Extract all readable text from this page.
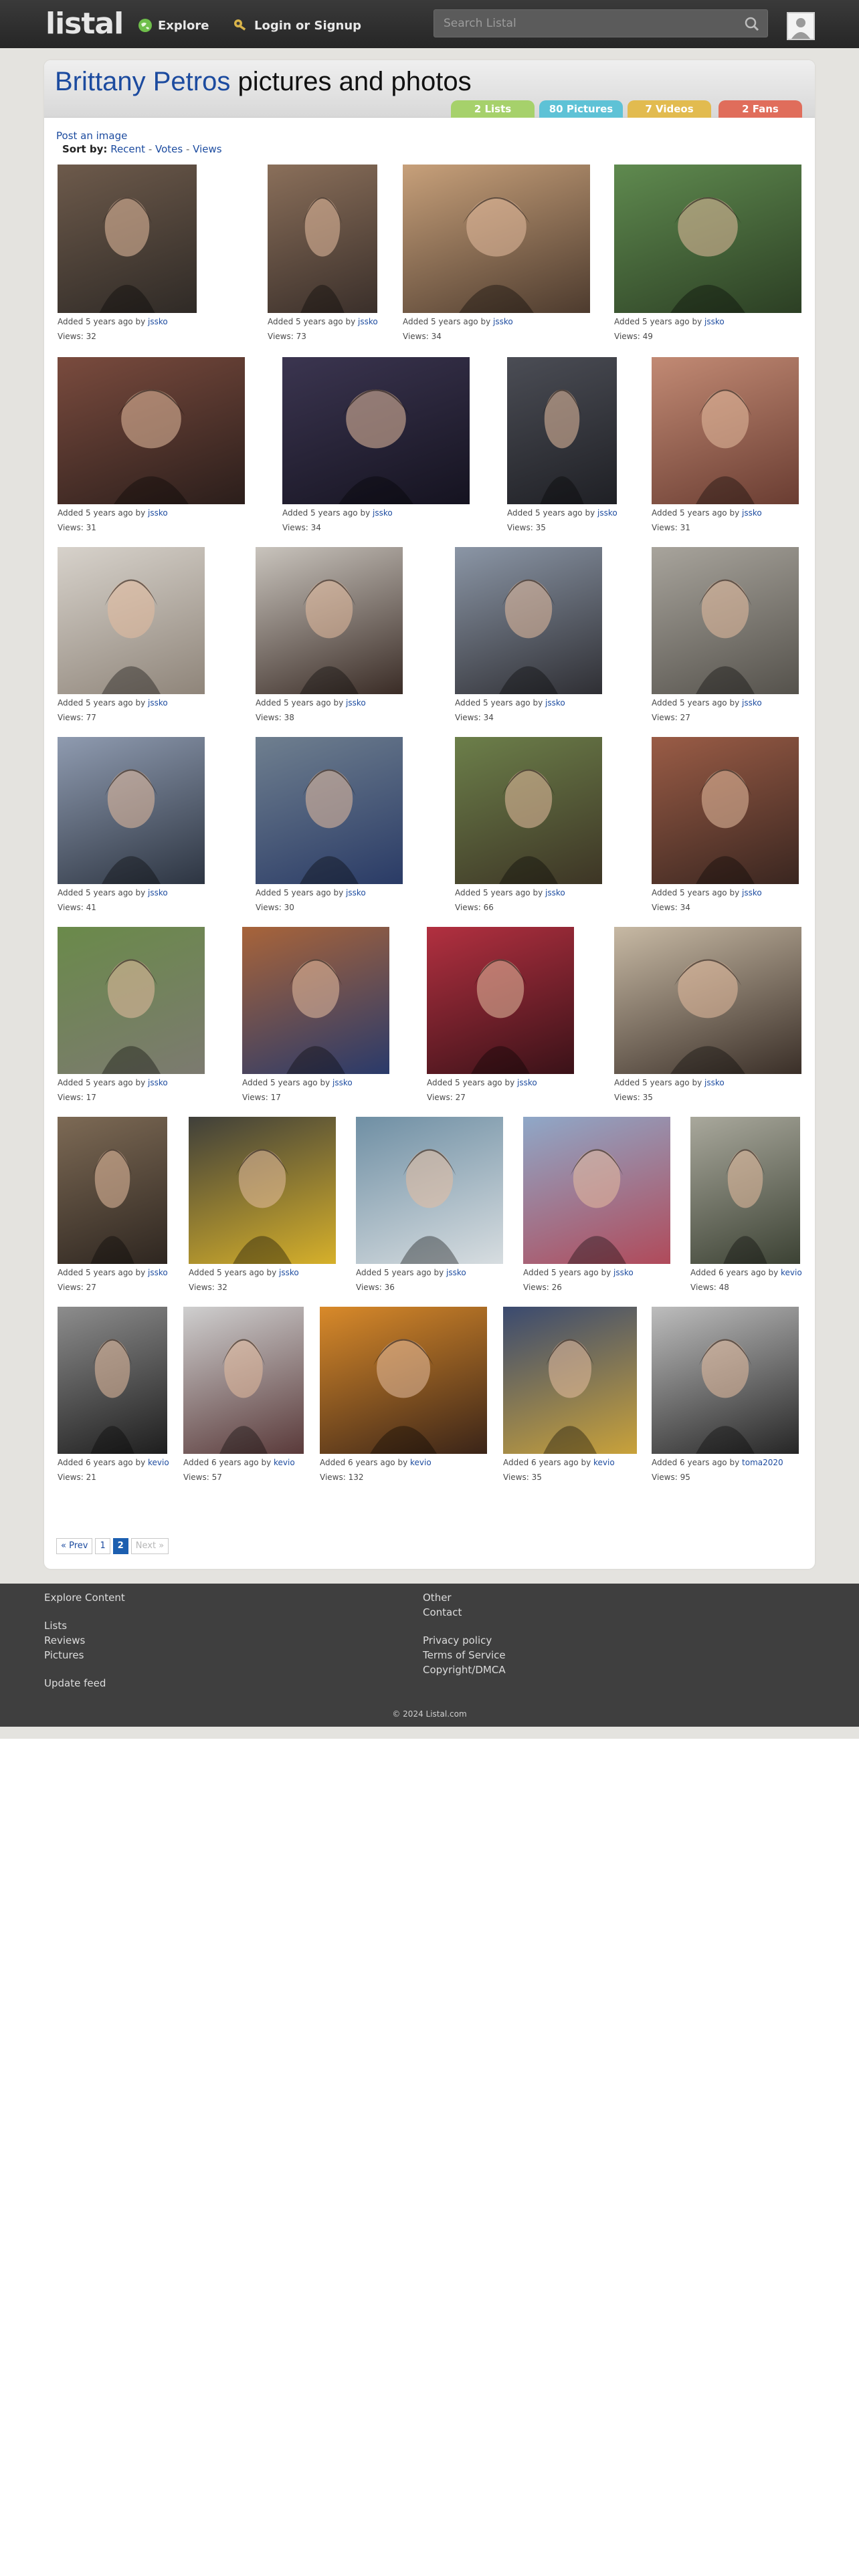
listal	Explore	Login or Signup
Search Listal
Brittany Petros pictures and photos
2 Lists	80 Pictures	7 Videos	2 Fans
Post an image
Sort by: Recent - Votes - Views
Added 5 years ago by jssko
Views: 32
Added 5 years ago by jssko
Views: 73
Added 5 years ago by jssko
Views: 34
Added 5 years ago by jssko
Views: 49
Added 5 years ago by jssko
Views: 31
Added 5 years ago by jssko
Views: 34
Added 5 years ago by jssko
Views: 35
Added 5 years ago by jssko
Views: 31
Added 5 years ago by jssko
Views: 77
Added 5 years ago by jssko
Views: 38
Added 5 years ago by jssko
Views: 34
Added 5 years ago by jssko
Views: 27
Added 5 years ago by jssko
Views: 41
Added 5 years ago by jssko
Views: 30
Added 5 years ago by jssko
Views: 66
Added 5 years ago by jssko
Views: 34
Added 5 years ago by jssko
Views: 17
Added 5 years ago by jssko
Views: 17
Added 5 years ago by jssko
Views: 27
Added 5 years ago by jssko
Views: 35
Added 5 years ago by jssko
Views: 27
Added 5 years ago by jssko
Views: 32
Added 5 years ago by jssko
Views: 36
Added 5 years ago by jssko
Views: 26
Added 6 years ago by kevio
Views: 48
Added 6 years ago by kevio
Views: 21
Added 6 years ago by kevio
Views: 57
Added 6 years ago by kevio
Views: 132
Added 6 years ago by kevio
Views: 35
Added 6 years ago by toma2020
Views: 95
« Prev	1	2	Next »
Explore Content
Lists
Reviews
Pictures
Update feed
Other
Contact
Privacy policy
Terms of Service
Copyright/DMCA
© 2024 Listal.com
